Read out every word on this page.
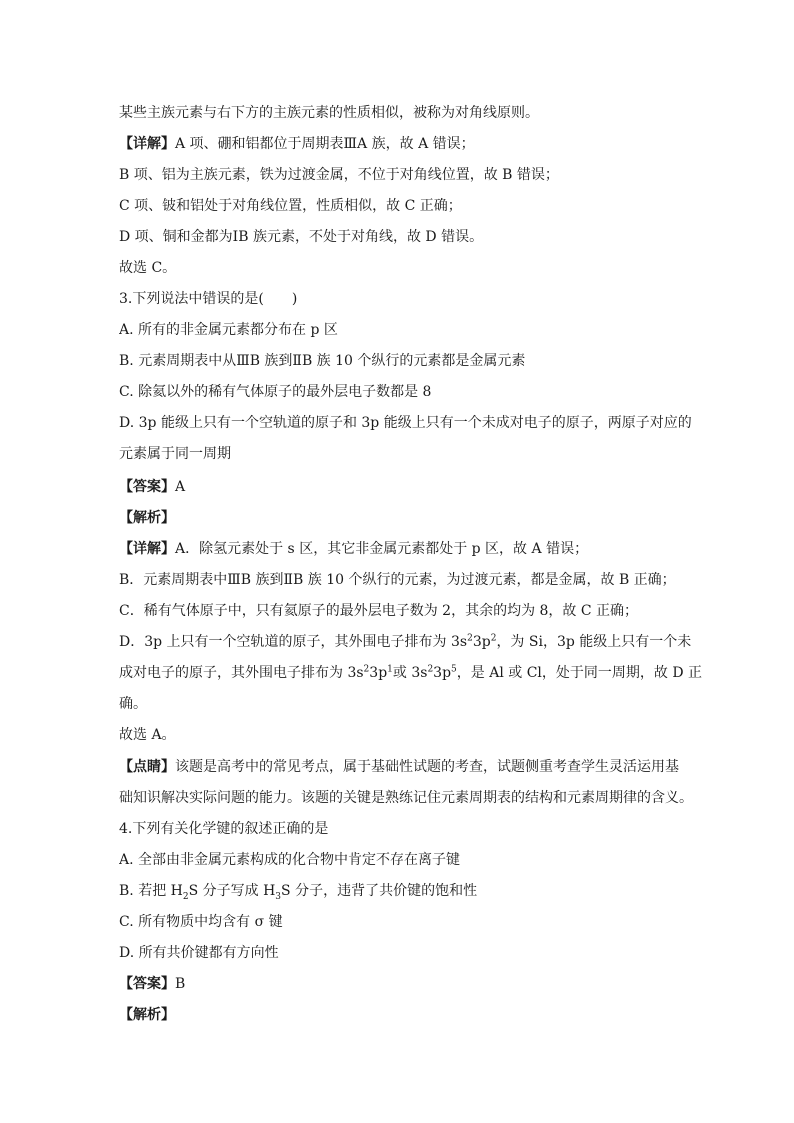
某些主族元素与右下方的主族元素的性质相似，被称为对角线原则。
【详解】A 项、硼和铝都位于周期表ⅢA 族，故 A 错误；
B 项、铝为主族元素，铁为过渡金属，不位于对角线位置，故 B 错误；
C 项、铍和铝处于对角线位置，性质相似，故 C 正确；
D 项、铜和金都为ⅠB 族元素，不处于对角线，故 D 错误。
故选 C。
3.下列说法中错误的是(　　)
A. 所有的非金属元素都分布在 p 区
B. 元素周期表中从ⅢB 族到ⅡB 族 10 个纵行的元素都是金属元素
C. 除氦以外的稀有气体原子的最外层电子数都是 8
D. 3p 能级上只有一个空轨道的原子和 3p 能级上只有一个未成对电子的原子，两原子对应的
元素属于同一周期
【答案】A
【解析】
【详解】A．除氢元素处于 s 区，其它非金属元素都处于 p 区，故 A 错误；
B．元素周期表中ⅢB 族到ⅡB 族 10 个纵行的元素，为过渡元素，都是金属，故 B 正确；
C．稀有气体原子中，只有氦原子的最外层电子数为 2，其余的均为 8，故 C 正确；
D．3p 上只有一个空轨道的原子，其外围电子排布为 $3s^23p^2$，为 Si，3p 能级上只有一个未
成对电子的原子，其外围电子排布为 $3s^23p^1$或 $3s^23p^5$，是 Al 或 Cl，处于同一周期，故 D 正
确。
故选 A。
【点睛】该题是高考中的常见考点，属于基础性试题的考查，试题侧重考查学生灵活运用基
础知识解决实际问题的能力。该题的关键是熟练记住元素周期表的结构和元素周期律的含义。
4.下列有关化学键的叙述正确的是
A. 全部由非金属元素构成的化合物中肯定不存在离子键
B. 若把 $H_2S$ 分子写成 $H_3S$ 分子，违背了共价键的饱和性
C. 所有物质中均含有 σ 键
D. 所有共价键都有方向性
【答案】B
【解析】
